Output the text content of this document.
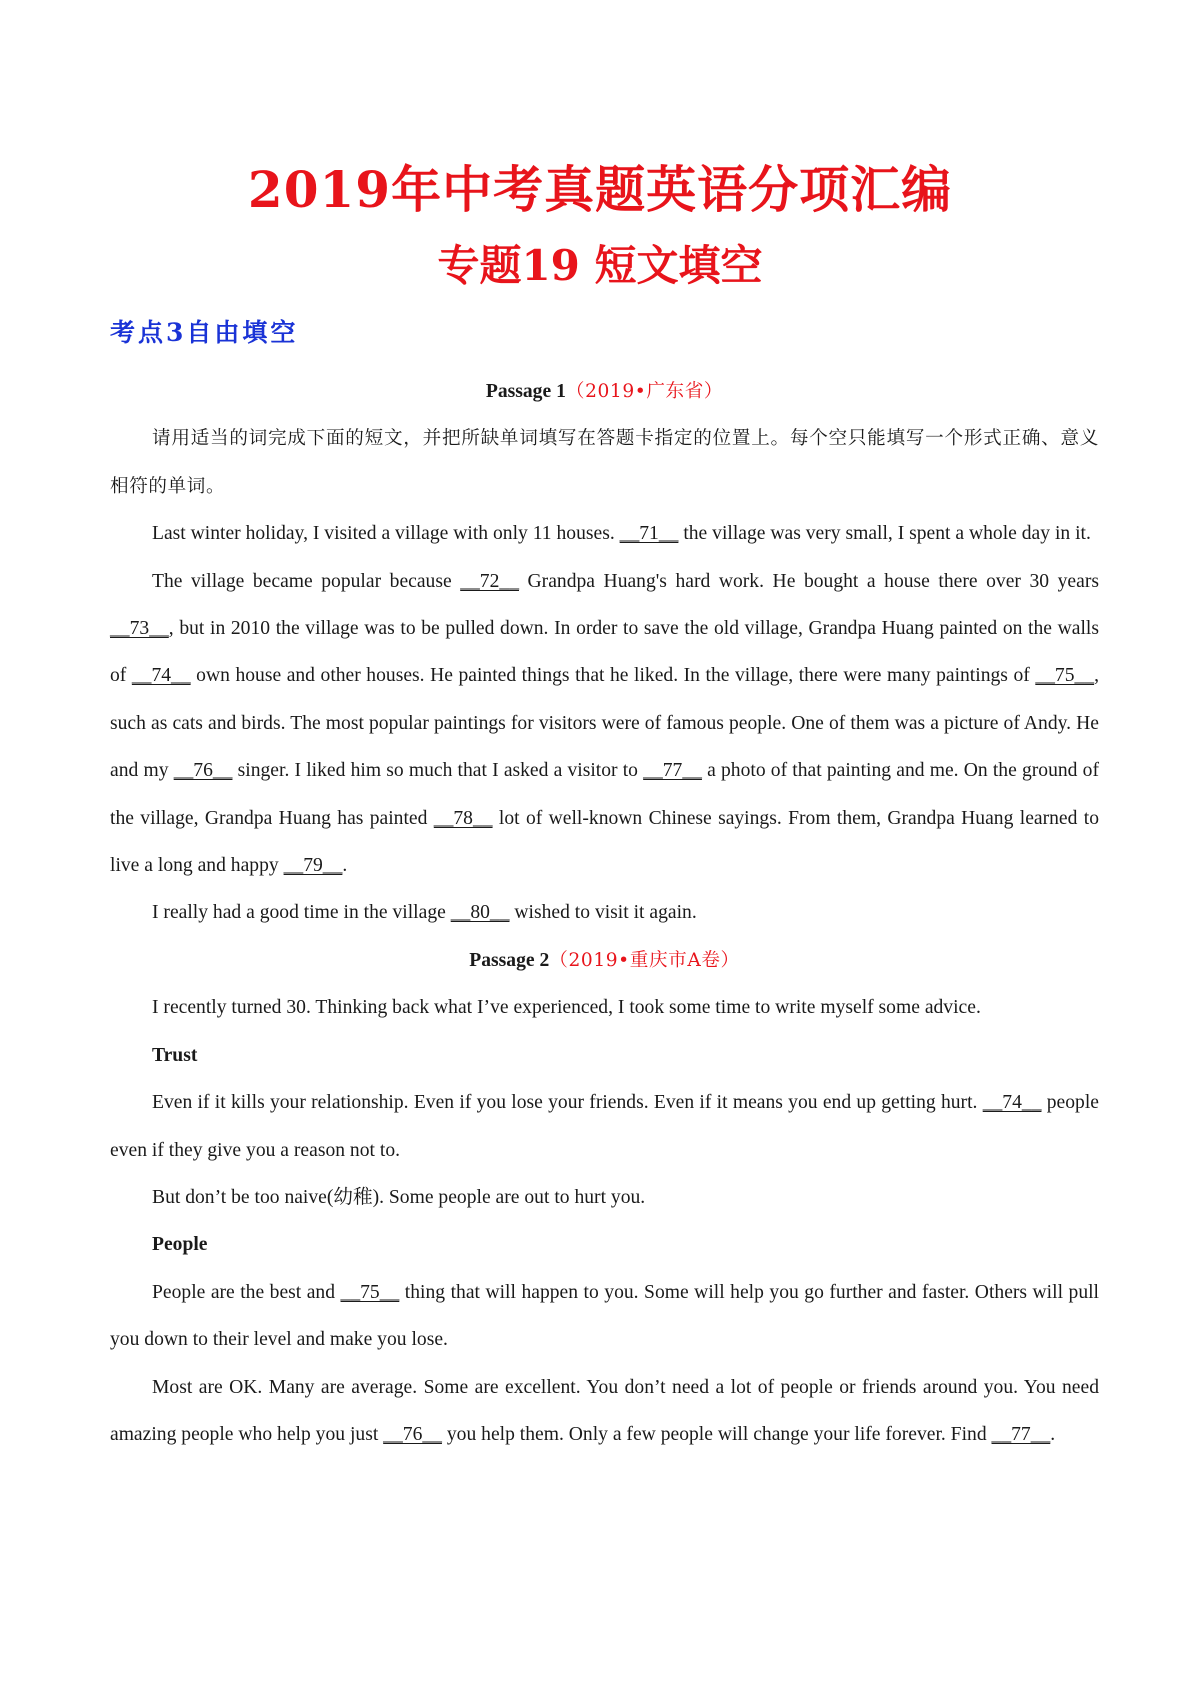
2019年中考真题英语分项汇编
专题19 短文填空
考点3自由填空

Passage 1（2019•广东省）

请用适当的词完成下面的短文，并把所缺单词填写在答题卡指定的位置上。每个空只能填写一个形式正确、意义相符的单词。

Last winter holiday, I visited a village with only 11 houses. __71__ the village was very small, I spent a whole day in it.

The village became popular because __72__ Grandpa Huang's hard work. He bought a house there over 30 years __73__, but in 2010 the village was to be pulled down. In order to save the old village, Grandpa Huang painted on the walls of __74__ own house and other houses. He painted things that he liked. In the village, there were many paintings of __75__, such as cats and birds. The most popular paintings for visitors were of famous people. One of them was a picture of Andy. He and my __76__ singer. I liked him so much that I asked a visitor to __77__ a photo of that painting and me. On the ground of the village, Grandpa Huang has painted __78__ lot of well-known Chinese sayings. From them, Grandpa Huang learned to live a long and happy __79__.

I really had a good time in the village __80__ wished to visit it again.

Passage 2（2019•重庆市A卷）

I recently turned 30. Thinking back what I’ve experienced, I took some time to write myself some advice.

Trust

Even if it kills your relationship. Even if you lose your friends. Even if it means you end up getting hurt. __74__ people even if they give you a reason not to.

But don’t be too naive(幼稚). Some people are out to hurt you.

People

People are the best and __75__ thing that will happen to you. Some will help you go further and faster. Others will pull you down to their level and make you lose.

Most are OK. Many are average. Some are excellent. You don’t need a lot of people or friends around you. You need amazing people who help you just __76__ you help them. Only a few people will change your life forever. Find __77__.
